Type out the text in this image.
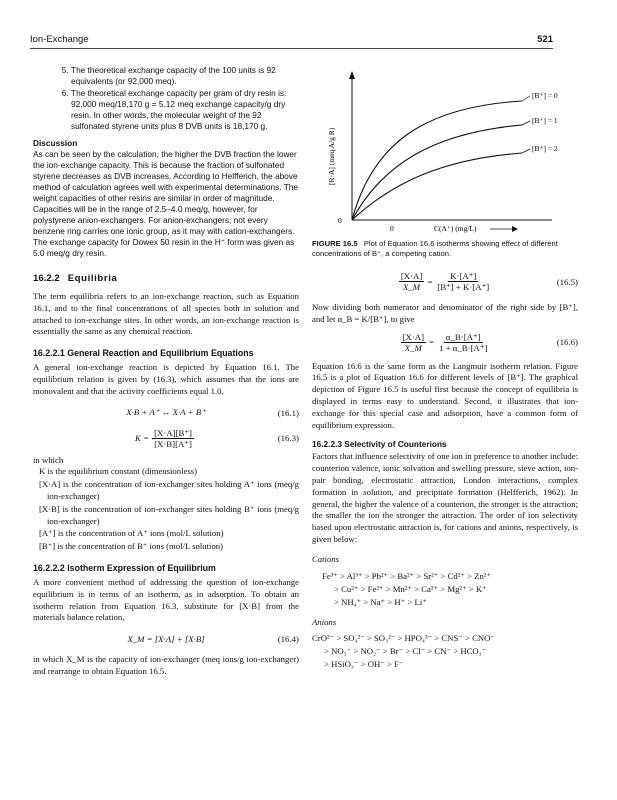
Ion-Exchange	521
5. The theoretical exchange capacity of the 100 units is 92 equivalents (or 92,000 meq).
6. The theoretical exchange capacity per gram of dry resin is: 92,000 meq/18,170 g = 5.12 meq exchange capacity/g dry resin. In other words, the molecular weight of the 92 sulfonated styrene units plus 8 DVB units is 18,170 g.
Discussion

As can be seen by the calculation, the higher the DVB fraction the lower the ion-exchange capacity. This is because the fraction of sulfonated styrene decreases as DVB increases. According to Helfferich, the above method of calculation agrees well with experimental determinations. The weight capacities of other resins are similar in order of magnitude. Capacities will be in the range of 2.5–4.0 meq/g, however, for polystyrene anion-exchangers. For anion-exchangers, not every benzene ring carries one ionic group, as it may with cation-exchangers. The exchange capacity for Dowex 50 resin in the H⁺ form was given as 5.0 meq/g dry resin.

16.2.2 Equilibria

The term equilibria refers to an ion-exchange reaction, such as Equation 16.1, and to the final concentrations of all species both in solution and attached to ion-exchange sites. In other words, an ion-exchange reaction is essentially the same as any chemical reaction.

16.2.2.1 General Reaction and Equilibrium Equations

A general ion-exchange reaction is depicted by Equation 16.1. The equilibrium relation is given by (16.3), which assumes that the ions are monovalent and that the activity coefficients equal 1.0,

X·B + A⁺ ↔ X·A + B⁺	(16.1)
$K = \frac{[X\cdot A][B^+]}{[X\cdot B][A^+]}$	(16.3)
in which
K is the equilibrium constant (dimensionless)
[X·A] is the concentration of ion-exchanger sites holding A⁺ ions (meq/g ion-exchanger)
[X·B] is the concentration of ion-exchanger sites holding B⁺ ions (meq/g ion-exchanger)
[A⁺] is the concentration of A⁺ ions (mol/L solution)
[B⁺] is the concentration of B⁺ ions (mol/L solution)
16.2.2.2 Isotherm Expression of Equilibrium

A more convenient method of addressing the question of ion-exchange equilibrium is in terms of an isotherm, as in adsorption. To obtain an isotherm relation from Equation 16.3, substitute for [X·B] from the materials balance relation,

X_M = [X·A] + [X·B]	(16.4)

in which X_M is the capacity of ion-exchanger (meq ions/g ion-exchanger) and rearrange to obtain Equation 16.5.

[B⁺] = 0
[B⁺] = 1
[B⁺] = 2
[R·A] (meq A/g R)
0
0	C(A⁺) (mg/L)

FIGURE 16.5 Plot of Equation 16.6 isotherms showing effect of different concentrations of B⁺, a competing cation.

$\frac{[X\cdot A]}{X\_M} = \frac{K\cdot[A^+]}{[B^+] + K\cdot[A^+]}$	(16.5)

Now dividing both numerator and denominator of the right side by [B⁺], and let α_B = K/[B⁺], to give

$\frac{[X\cdot A]}{X\_M} = \frac{\alpha\_B\cdot[A^+]}{1 + \alpha\_B\cdot[A^+]}$	(16.6)

Equation 16.6 is the same form as the Langmuir isotherm relation. Figure 16.5 is a plot of Equation 16.6 for different levels of [B⁺]. The graphical depiction of Figure 16.5 is useful first because the concept of equilibria is displayed in terms easy to understand. Second, it illustrates that ion-exchange for this special case and adsorption, have a common form of equilibrium expression.

16.2.2.3 Selectivity of Counterions

Factors that influence selectivity of one ion in preference to another include: counterion valence, ionic solvation and swelling pressure, sieve action, ion-pair bonding, electrostatic attraction, London interactions, complex formation in solution, and precipitate formation (Helfferich, 1962). In general, the higher the valence of a counterion, the stronger is the attraction; the smaller the ion the stronger the attraction. The order of ion selectivity based upon electrostatic attraction is, for cations and anions, respectively, is given below:

Cations
Fe³⁺ > Al³⁺ > Pb²⁺ > Ba²⁺ > Sr²⁺ > Cd²⁺ > Zn²⁺
> Cu²⁺ > Fe²⁺ > Mn²⁺ > Ca²⁺ > Mg²⁺ > K⁺
> NH₄⁺ > Na⁺ > H⁺ > Li⁺
Anions
CrO²⁻ > SO₄²⁻ > SO₃²⁻ > HPO₄³⁻ > CNS⁻ > CNO⁻
> NO₃⁻ > NO₂⁻ > Br⁻ > Cl⁻ > CN⁻ > HCO₃⁻
> HSiO₃⁻ > OH⁻ > F⁻
